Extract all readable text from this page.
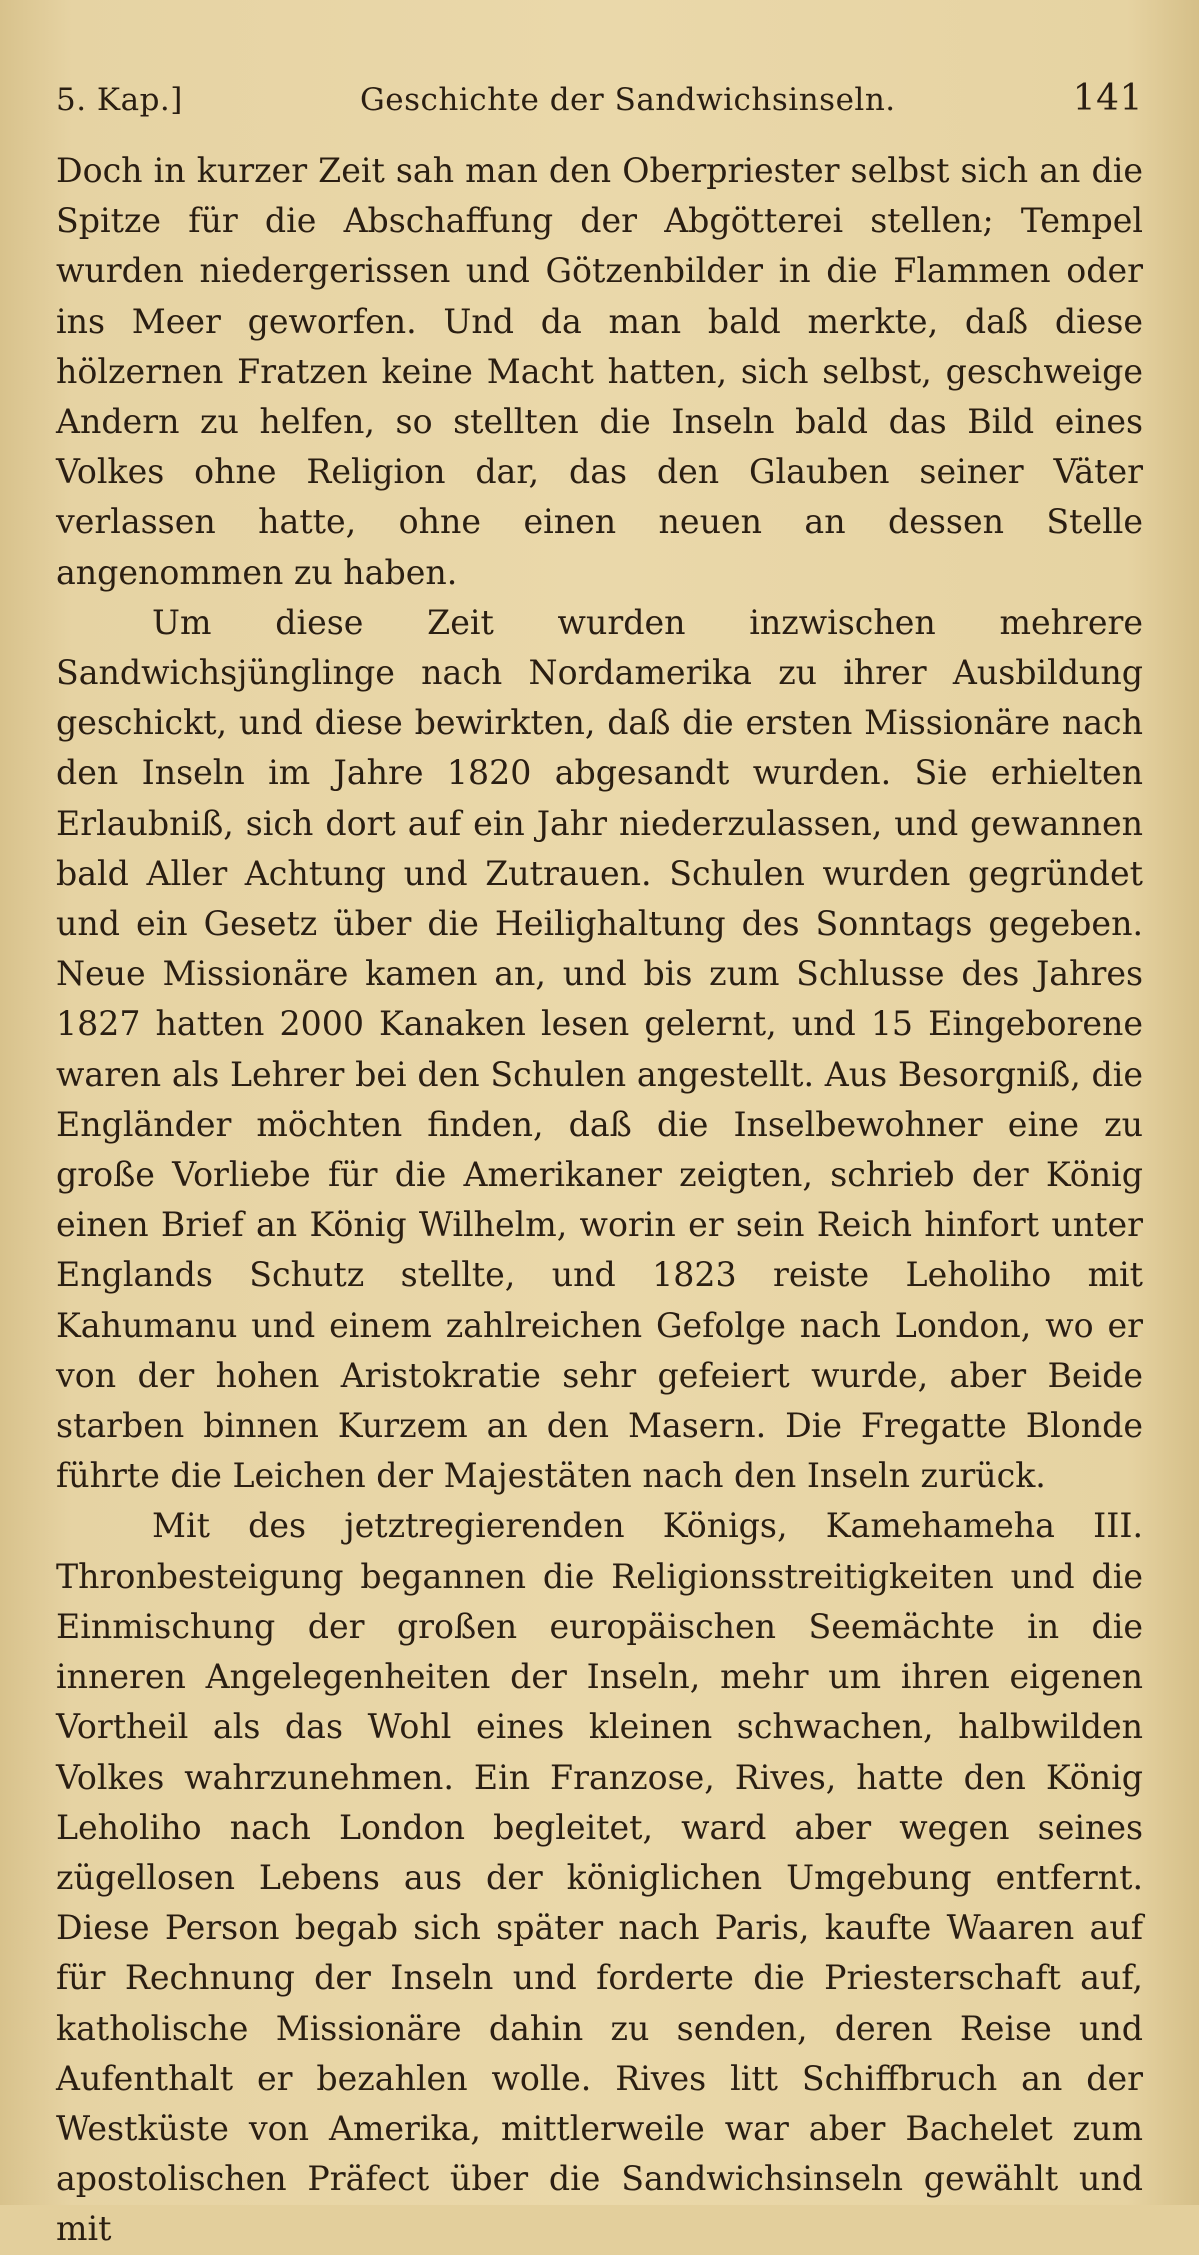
5. Kap.]	Geschichte der Sandwichsinseln.	141

Doch in kurzer Zeit sah man den Oberpriester selbst sich an die Spitze für die Abschaffung der Abgötterei stellen; Tempel wurden niedergerissen und Götzenbilder in die Flammen oder ins Meer geworfen. Und da man bald merkte, daß diese hölzernen Fratzen keine Macht hatten, sich selbst, geschweige Andern zu helfen, so stellten die Inseln bald das Bild eines Volkes ohne Religion dar, das den Glauben seiner Väter verlassen hatte, ohne einen neuen an dessen Stelle angenommen zu haben.

Um diese Zeit wurden inzwischen mehrere Sandwichsjünglinge nach Nordamerika zu ihrer Ausbildung geschickt, und diese bewirkten, daß die ersten Missionäre nach den Inseln im Jahre 1820 abgesandt wurden. Sie erhielten Erlaubniß, sich dort auf ein Jahr niederzulassen, und gewannen bald Aller Achtung und Zutrauen. Schulen wurden gegründet und ein Gesetz über die Heilighaltung des Sonntags gegeben. Neue Missionäre kamen an, und bis zum Schlusse des Jahres 1827 hatten 2000 Kanaken lesen gelernt, und 15 Eingeborene waren als Lehrer bei den Schulen angestellt. Aus Besorgniß, die Engländer möchten finden, daß die Inselbewohner eine zu große Vorliebe für die Amerikaner zeigten, schrieb der König einen Brief an König Wilhelm, worin er sein Reich hinfort unter Englands Schutz stellte, und 1823 reiste Leholiho mit Kahumanu und einem zahlreichen Gefolge nach London, wo er von der hohen Aristokratie sehr gefeiert wurde, aber Beide starben binnen Kurzem an den Masern. Die Fregatte Blonde führte die Leichen der Majestäten nach den Inseln zurück.

Mit des jetztregierenden Königs, Kamehameha III. Thronbesteigung begannen die Religionsstreitigkeiten und die Einmischung der großen europäischen Seemächte in die inneren Angelegenheiten der Inseln, mehr um ihren eigenen Vortheil als das Wohl eines kleinen schwachen, halbwilden Volkes wahrzunehmen. Ein Franzose, Rives, hatte den König Leholiho nach London begleitet, ward aber wegen seines zügellosen Lebens aus der königlichen Umgebung entfernt. Diese Person begab sich später nach Paris, kaufte Waaren auf für Rechnung der Inseln und forderte die Priesterschaft auf, katholische Missionäre dahin zu senden, deren Reise und Aufenthalt er bezahlen wolle. Rives litt Schiffbruch an der Westküste von Amerika, mittlerweile war aber Bachelet zum apostolischen Präfect über die Sandwichsinseln gewählt und mit
